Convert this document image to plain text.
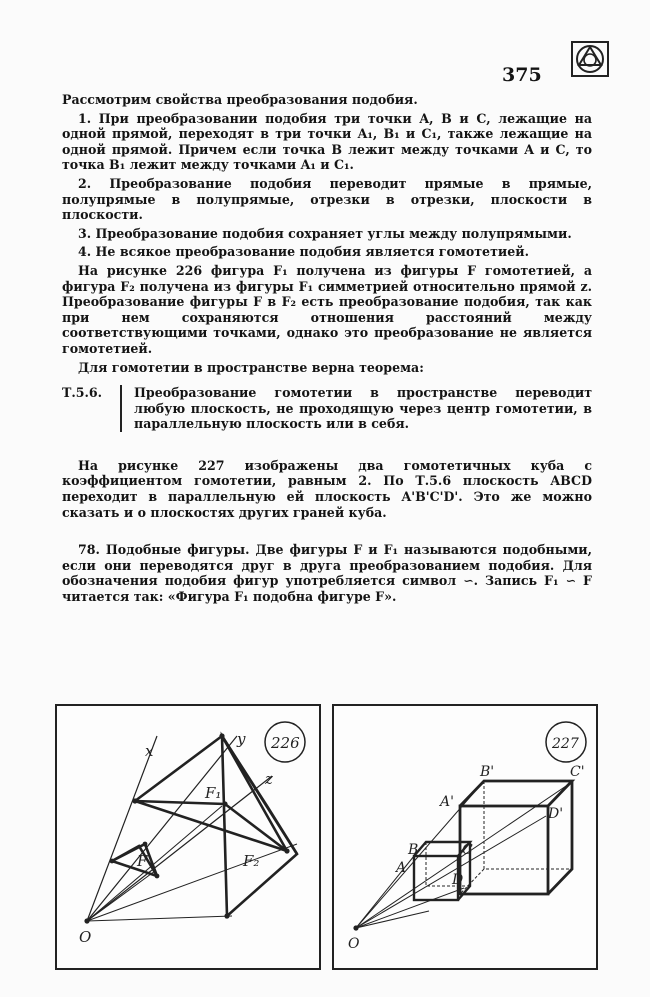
375

Рассмотрим свойства преобразования подобия.

1. При преобразовании подобия три точки A, B и C, лежащие на одной прямой, переходят в три точки A₁, B₁ и C₁, также лежащие на одной прямой. Причем если точка B лежит между точками A и C, то точка B₁ лежит между точками A₁ и C₁.

2. Преобразование подобия переводит прямые в прямые, полупрямые в полупрямые, отрезки в отрезки, плоскости в плоскости.

3. Преобразование подобия сохраняет углы между полупрямыми.

4. Не всякое преобразование подобия является гомотетией.

На рисунке 226 фигура F₁ получена из фигуры F гомотетией, а фигура F₂ получена из фигуры F₁ симметрией относительно прямой z. Преобразование фигуры F в F₂ есть преобразование подобия, так как при нем сохраняются отношения расстояний между соответствующими точками, однако это преобразование не является гомотетией.

Для гомотетии в пространстве верна теорема:

Т.5.6.	Преобразование гомотетии в пространстве переводит любую плоскость, не проходящую через центр гомотетии, в параллельную плоскость или в себя.

На рисунке 227 изображены два гомотетичных куба с коэффициентом гомотетии, равным 2. По Т.5.6 плоскость ABCD переходит в параллельную ей плоскость A'B'C'D'. Это же можно сказать и о плоскостях других граней куба.

78. Подобные фигуры. Две фигуры F и F₁ называются подобными, если они переводятся друг в друга преобразованием подобия. Для обозначения подобия фигур употребляется символ ∽. Запись F₁ ∽ F читается так: «Фигура F₁ подобна фигуре F».

x
y
z
O
F
F₁
F₂
226
A
B	C
D
A'
B'	C'
D'
O
227
